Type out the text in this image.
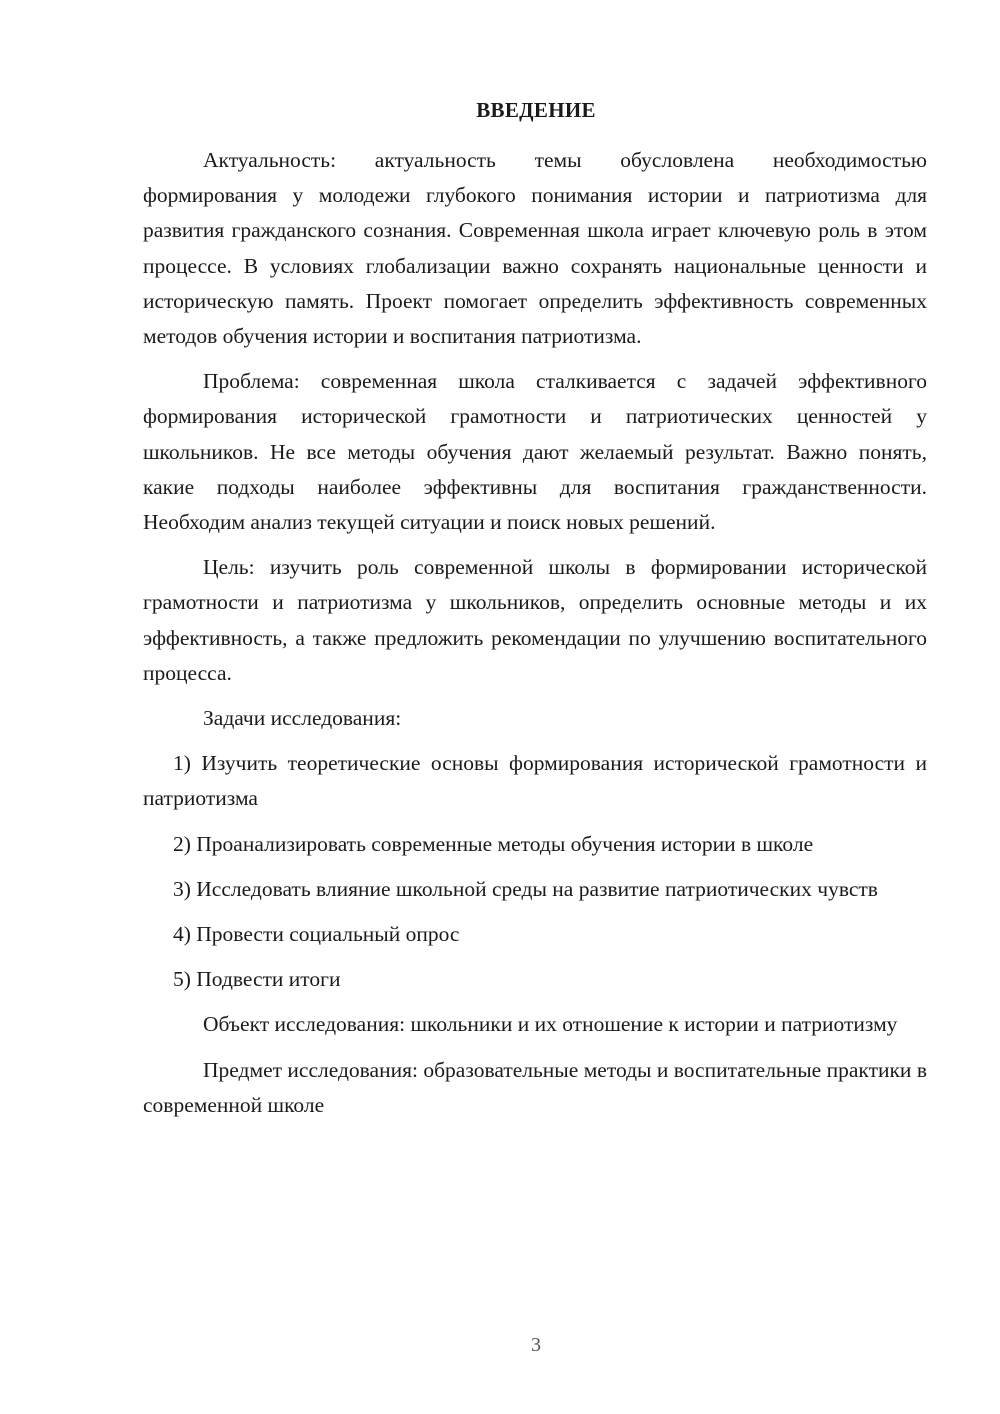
ВВЕДЕНИЕ

Актуальность: актуальность темы обусловлена необходимостью формирования у молодежи глубокого понимания истории и патриотизма для развития гражданского сознания. Современная школа играет ключевую роль в этом процессе. В условиях глобализации важно сохранять национальные ценности и историческую память. Проект помогает определить эффективность современных методов обучения истории и воспитания патриотизма.

Проблема: современная школа сталкивается с задачей эффективного формирования исторической грамотности и патриотических ценностей у школьников. Не все методы обучения дают желаемый результат. Важно понять, какие подходы наиболее эффективны для воспитания гражданственности. Необходим анализ текущей ситуации и поиск новых решений.

Цель: изучить роль современной школы в формировании исторической грамотности и патриотизма у школьников, определить основные методы и их эффективность, а также предложить рекомендации по улучшению воспитательного процесса.

Задачи исследования:

1) Изучить теоретические основы формирования исторической грамотности и патриотизма

2) Проанализировать современные методы обучения истории в школе

3) Исследовать влияние школьной среды на развитие патриотических чувств

4) Провести социальный опрос

5) Подвести итоги

Объект исследования: школьники и их отношение к истории и патриотизму

Предмет исследования: образовательные методы и воспитательные практики в современной школе

3
